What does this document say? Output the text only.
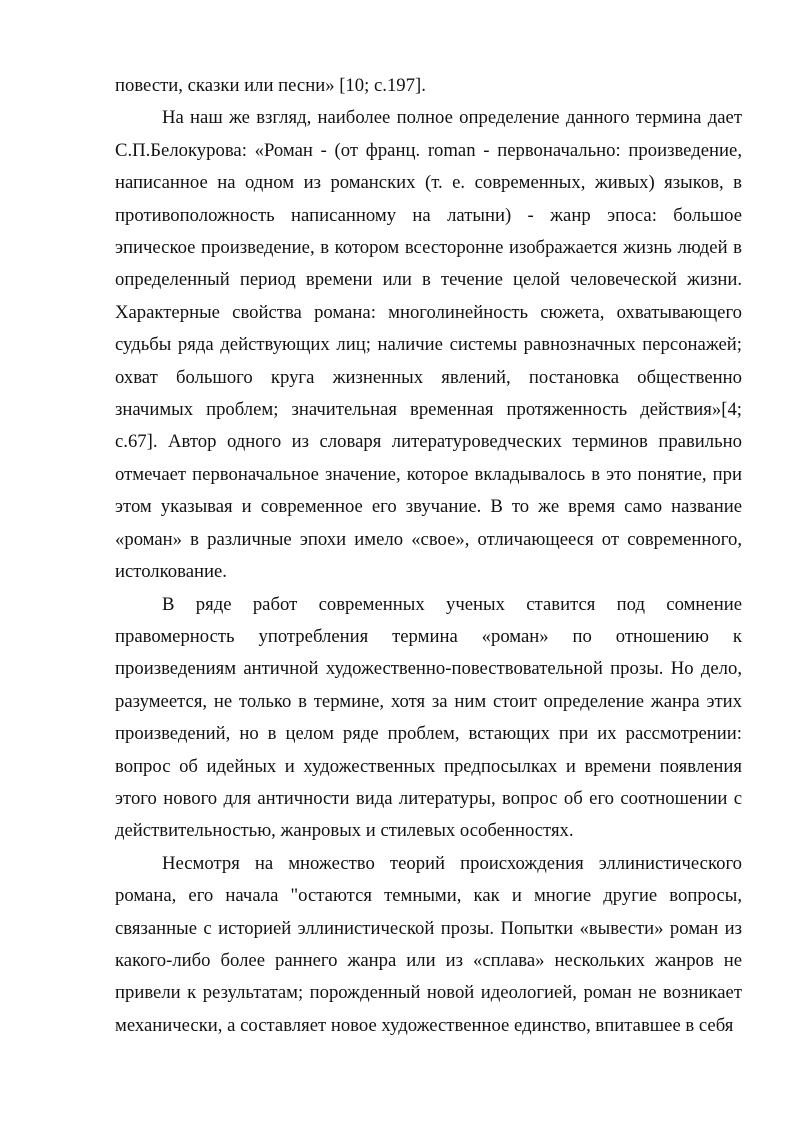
повести, сказки или песни» [10; с.197].

На наш же взгляд, наиболее полное определение данного термина дает С.П.Белокурова: «Роман - (от франц. roman - первоначально: произведение, написанное на одном из романских (т. е. современных, живых) языков, в противоположность написанному на латыни) - жанр эпоса: большое эпическое произведение, в котором всесторонне изображается жизнь людей в определенный период времени или в течение целой человеческой жизни. Характерные свойства романа: многолинейность сюжета, охватывающего судьбы ряда действующих лиц; наличие системы равнозначных персонажей; охват большого круга жизненных явлений, постановка общественно значимых проблем; значительная временная протяженность действия»[4; с.67]. Автор одного из словаря литературоведческих терминов правильно отмечает первоначальное значение, которое вкладывалось в это понятие, при этом указывая и современное его звучание. В то же время само название «роман» в различные эпохи имело «свое», отличающееся от современного, истолкование.

В ряде работ современных ученых ставится под сомнение правомерность употребления термина «роман» по отношению к произведениям античной художественно-повествовательной прозы. Но дело, разумеется, не только в термине, хотя за ним стоит определение жанра этих произведений, но в целом ряде проблем, встающих при их рассмотрении: вопрос об идейных и художественных предпосылках и времени появления этого нового для античности вида литературы, вопрос об его соотношении с действительностью, жанровых и стилевых особенностях.

Несмотря на множество теорий происхождения эллинистического романа, его начала "остаются темными, как и многие другие вопросы, связанные с историей эллинистической прозы. Попытки «вывести» роман из какого-либо более раннего жанра или из «сплава» нескольких жанров не привели к результатам; порожденный новой идеологией, роман не возникает механически, а составляет новое художественное единство, впитавшее в себя
